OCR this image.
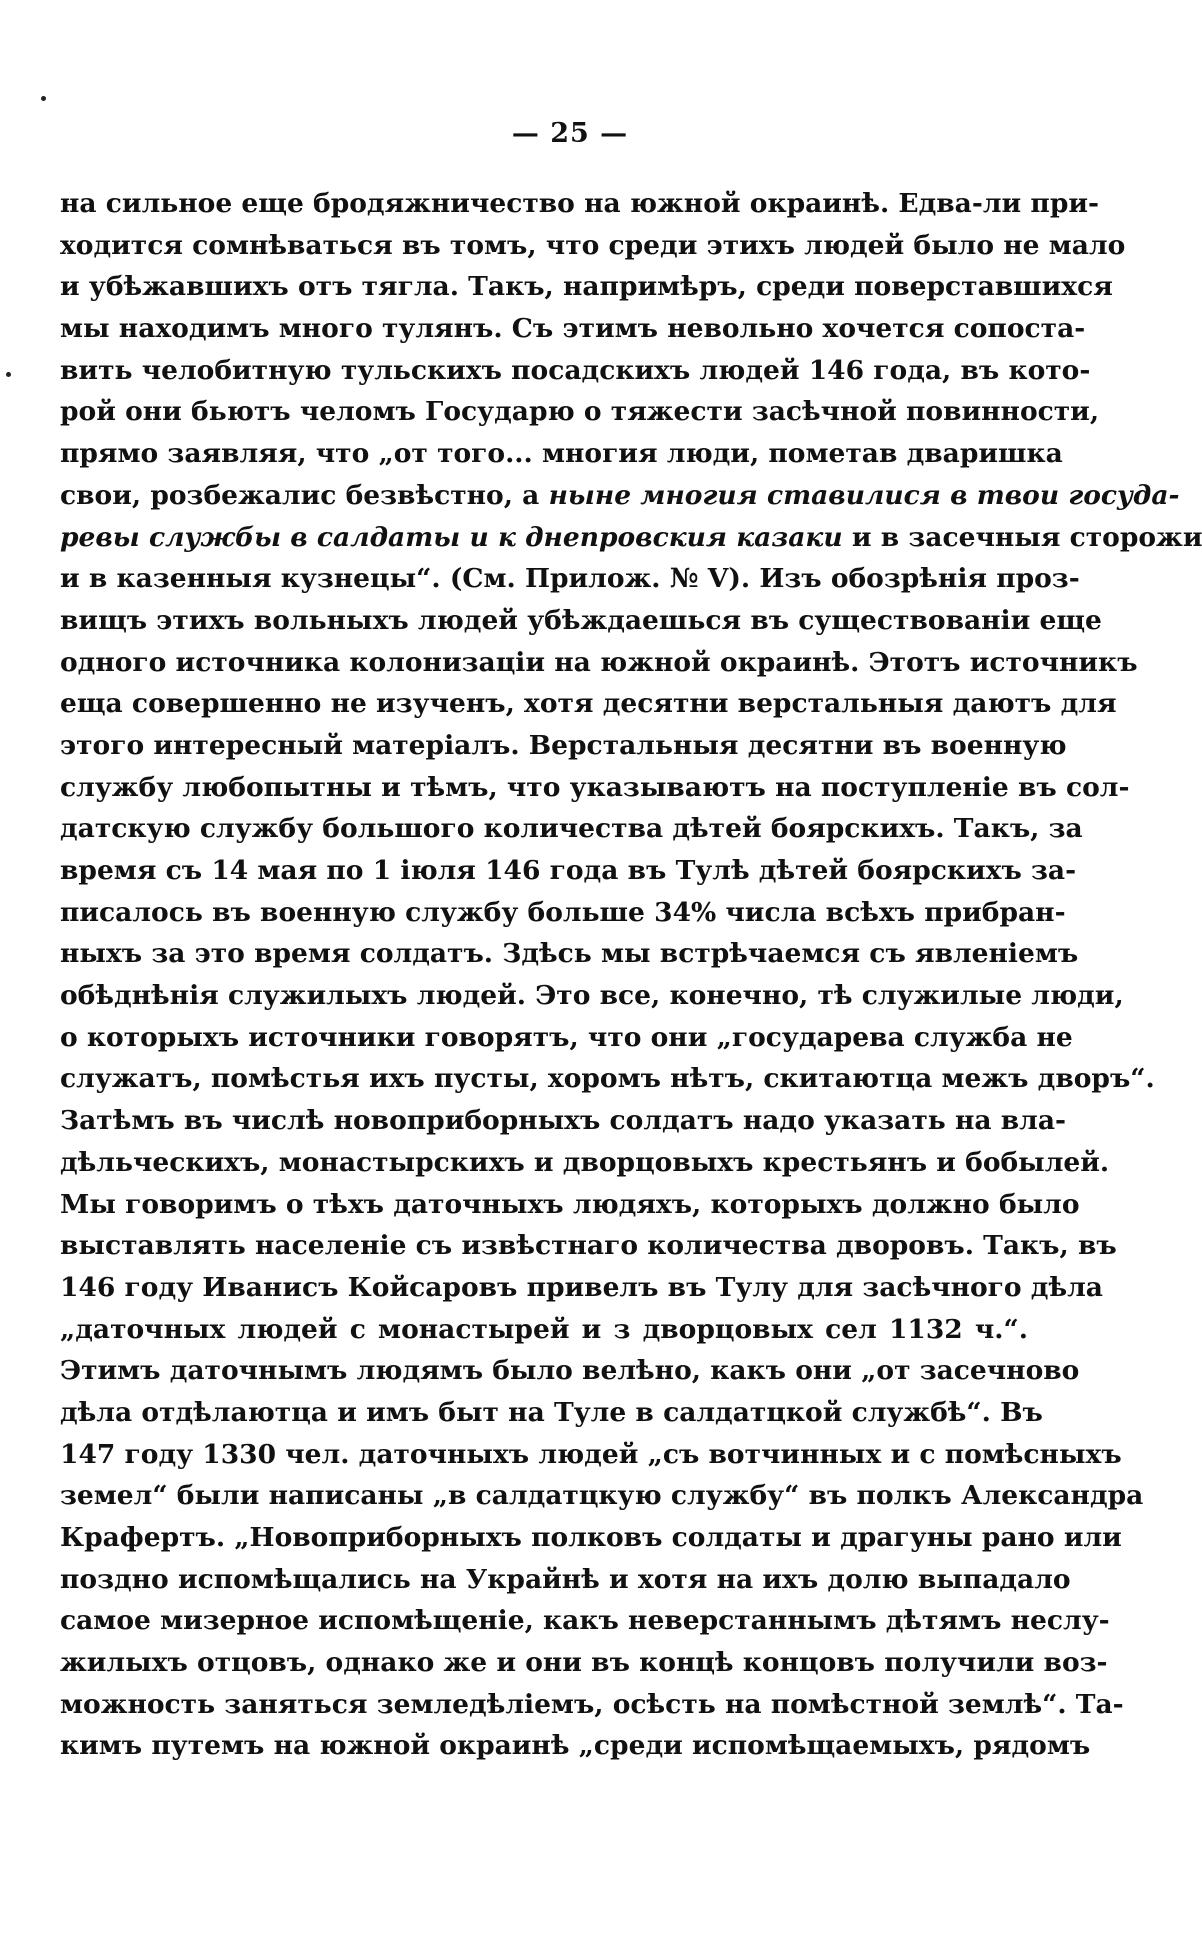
— 25 —
на сильное еще бродяжничество на южной окраинѣ. Едва-ли при-
ходится сомнѣваться въ томъ, что среди этихъ людей было не мало
и убѣжавшихъ отъ тягла. Такъ, напримѣръ, среди поверставшихся
мы находимъ много тулянъ. Съ этимъ невольно хочется сопоста-
вить челобитную тульскихъ посадскихъ людей 146 года, въ кото-
рой они бьютъ челомъ Государю о тяжести засѣчной повинности,
прямо заявляя, что „от того... многия люди, пометав дваришка
свои, розбежалис безвѣстно, а ныне многия ставилися в твои госуда-
ревы службы в салдаты и к днепровския казаки и в засечныя сторожи
и в казенныя кузнецы“. (См. Прилож. № V). Изъ обозрѣнія проз-
вищъ этихъ вольныхъ людей убѣждаешься въ существованіи еще
одного источника колонизаціи на южной окраинѣ. Этотъ источникъ
еща совершенно не изученъ, хотя десятни верстальныя даютъ для
этого интересный матеріалъ. Верстальныя десятни въ военную
службу любопытны и тѣмъ, что указываютъ на поступленіе въ сол-
датскую службу большого количества дѣтей боярскихъ. Такъ, за
время съ 14 мая по 1 іюля 146 года въ Тулѣ дѣтей боярскихъ за-
писалось въ военную службу больше 34% числа всѣхъ прибран-
ныхъ за это время солдатъ. Здѣсь мы встрѣчаемся съ явленіемъ
обѣднѣнія служилыхъ людей. Это все, конечно, тѣ служилые люди,
о которыхъ источники говорятъ, что они „государева служба не
служатъ, помѣстья ихъ пусты, хоромъ нѣтъ, скитаютца межъ дворъ“.
Затѣмъ въ числѣ новоприборныхъ солдатъ надо указать на вла-
дѣльческихъ, монастырскихъ и дворцовыхъ крестьянъ и бобылей.
Мы говоримъ о тѣхъ даточныхъ людяхъ, которыхъ должно было
выставлять населеніе съ извѣстнаго количества дворовъ. Такъ, въ
146 году Иванисъ Койсаровъ привелъ въ Тулу для засѣчного дѣла
„даточных людей с монастырей и з дворцовых сел 1132 ч.“.
Этимъ даточнымъ людямъ было велѣно, какъ они „от засечново
дѣла отдѣлаютца и имъ быт на Туле в салдатцкой службѣ“. Въ
147 году 1330 чел. даточныхъ людей „съ вотчинных и с помѣсныхъ
земел“ были написаны „в салдатцкую службу“ въ полкъ Александра
Крафертъ. „Новоприборныхъ полковъ солдаты и драгуны рано или
поздно испомѣщались на Украйнѣ и хотя на ихъ долю выпадало
самое мизерное испомѣщеніе, какъ неверстаннымъ дѣтямъ неслу-
жилыхъ отцовъ, однако же и они въ концѣ концовъ получили воз-
можность заняться земледѣліемъ, осѣсть на помѣстной землѣ“. Та-
кимъ путемъ на южной окраинѣ „среди испомѣщаемыхъ, рядомъ
